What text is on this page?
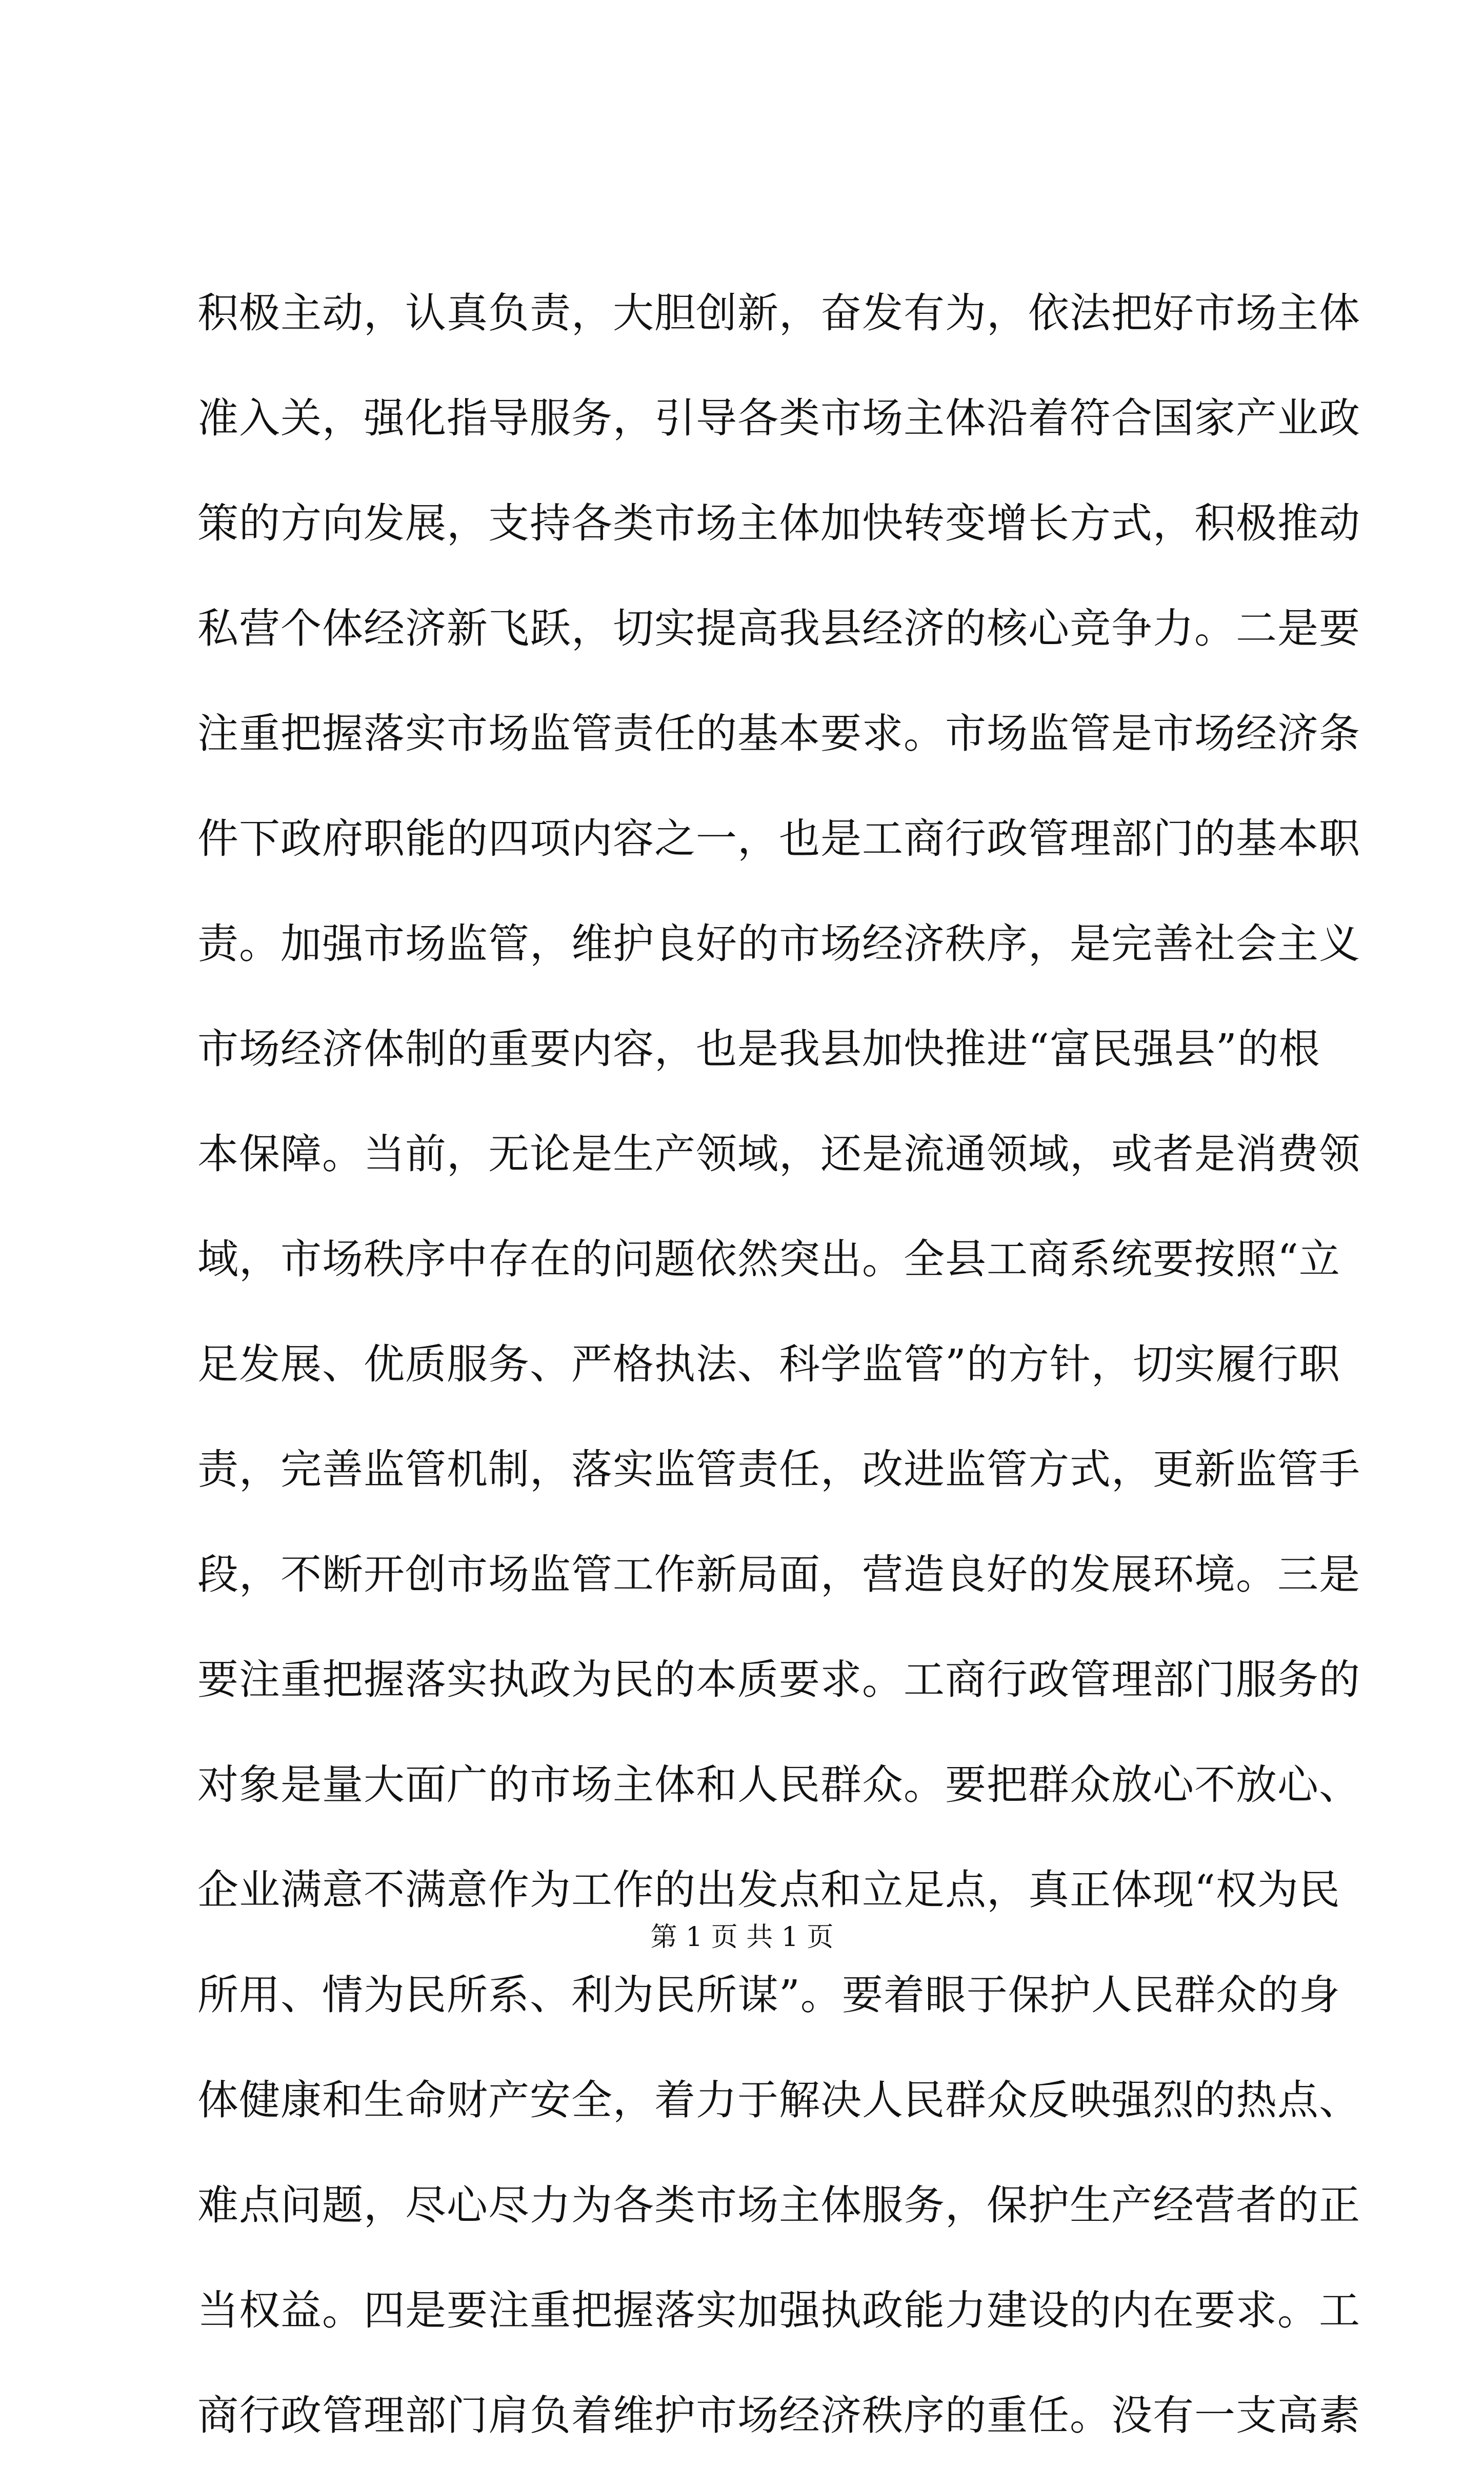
积极主动，认真负责，大胆创新，奋发有为，依法把好市场主体
准入关，强化指导服务，引导各类市场主体沿着符合国家产业政
策的方向发展，支持各类市场主体加快转变增长方式，积极推动
私营个体经济新飞跃，切实提高我县经济的核心竞争力。二是要
注重把握落实市场监管责任的基本要求。市场监管是市场经济条
件下政府职能的四项内容之一，也是工商行政管理部门的基本职
责。加强市场监管，维护良好的市场经济秩序，是完善社会主义
市场经济体制的重要内容，也是我县加快推进“富民强县”的根
本保障。当前，无论是生产领域，还是流通领域，或者是消费领
域，市场秩序中存在的问题依然突出。全县工商系统要按照“立
足发展、优质服务、严格执法、科学监管”的方针，切实履行职
责，完善监管机制，落实监管责任，改进监管方式，更新监管手
段，不断开创市场监管工作新局面，营造良好的发展环境。三是
要注重把握落实执政为民的本质要求。工商行政管理部门服务的
对象是量大面广的市场主体和人民群众。要把群众放心不放心、
企业满意不满意作为工作的出发点和立足点，真正体现“权为民
所用、情为民所系、利为民所谋”。要着眼于保护人民群众的身
体健康和生命财产安全，着力于解决人民群众反映强烈的热点、
难点问题，尽心尽力为各类市场主体服务，保护生产经营者的正
当权益。四是要注重把握落实加强执政能力建设的内在要求。工
商行政管理部门肩负着维护市场经济秩序的重任。没有一支高素
第 1 页 共 1 页
